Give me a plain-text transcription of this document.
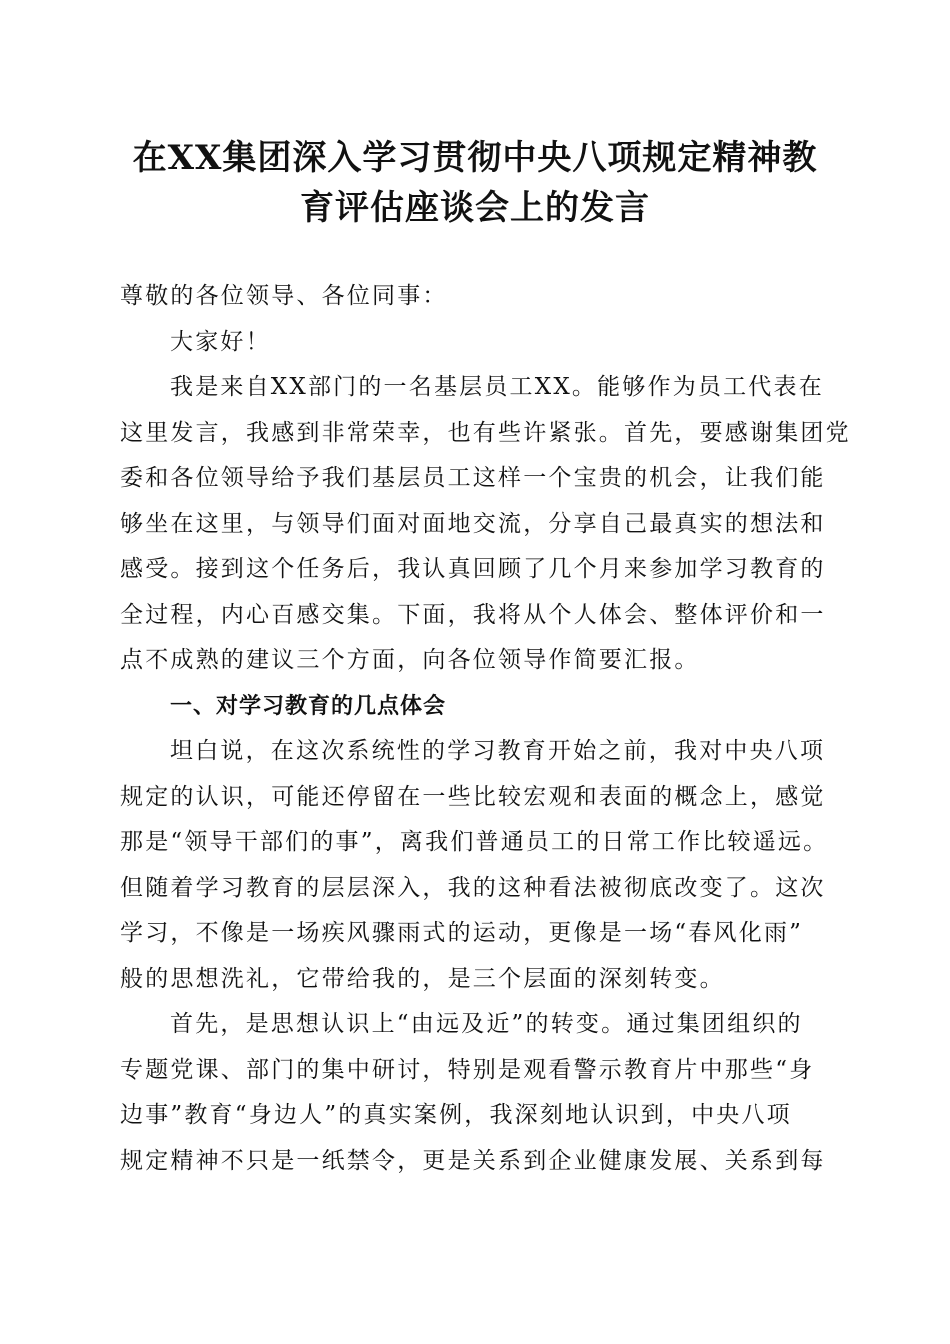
在XX集团深入学习贯彻中央八项规定精神教
育评估座谈会上的发言

尊敬的各位领导、各位同事：

大家好！

我是来自XX部门的一名基层员工XX。能够作为员工代表在
这里发言，我感到非常荣幸，也有些许紧张。首先，要感谢集团党
委和各位领导给予我们基层员工这样一个宝贵的机会，让我们能
够坐在这里，与领导们面对面地交流，分享自己最真实的想法和
感受。接到这个任务后，我认真回顾了几个月来参加学习教育的
全过程，内心百感交集。下面，我将从个人体会、整体评价和一
点不成熟的建议三个方面，向各位领导作简要汇报。

一、对学习教育的几点体会

坦白说，在这次系统性的学习教育开始之前，我对中央八项
规定的认识，可能还停留在一些比较宏观和表面的概念上，感觉
那是“领导干部们的事”，离我们普通员工的日常工作比较遥远。
但随着学习教育的层层深入，我的这种看法被彻底改变了。这次
学习，不像是一场疾风骤雨式的运动，更像是一场“春风化雨”
般的思想洗礼，它带给我的，是三个层面的深刻转变。

首先，是思想认识上“由远及近”的转变。通过集团组织的
专题党课、部门的集中研讨，特别是观看警示教育片中那些“身
边事”教育“身边人”的真实案例，我深刻地认识到，中央八项
规定精神不只是一纸禁令，更是关系到企业健康发展、关系到每
